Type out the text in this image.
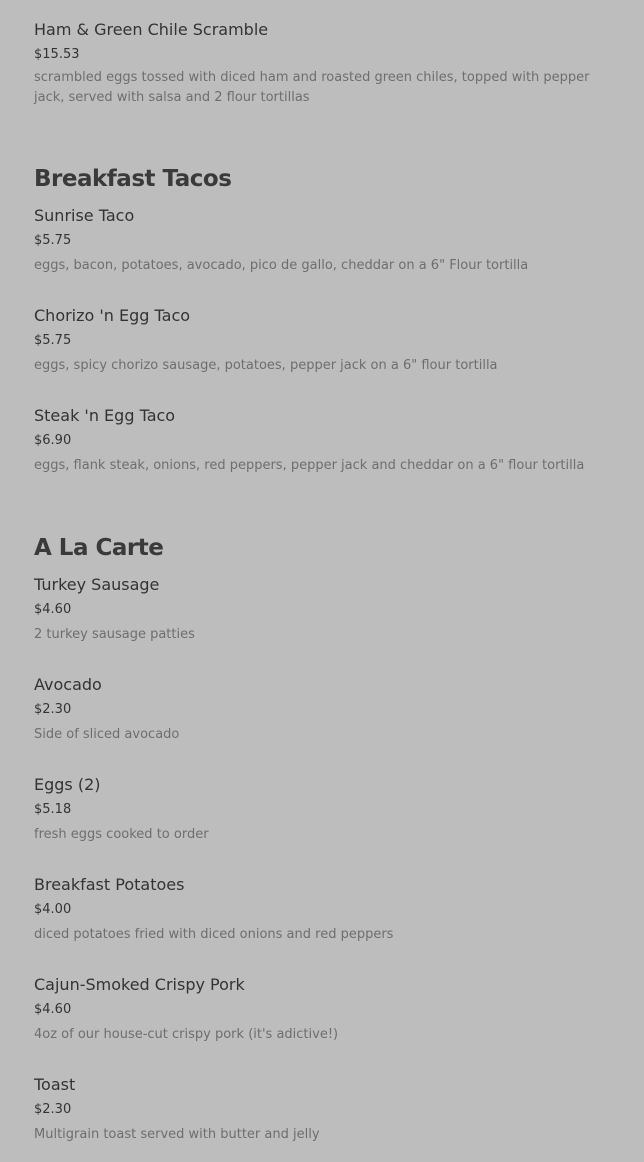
Ham & Green Chile Scramble
$15.53
scrambled eggs tossed with diced ham and roasted green chiles, topped with pepper jack, served with salsa and 2 flour tortillas
Breakfast Tacos
Sunrise Taco
$5.75
eggs, bacon, potatoes, avocado, pico de gallo, cheddar on a 6" Flour tortilla
Chorizo 'n Egg Taco
$5.75
eggs, spicy chorizo sausage, potatoes, pepper jack on a 6" flour tortilla
Steak 'n Egg Taco
$6.90
eggs, flank steak, onions, red peppers, pepper jack and cheddar on a 6" flour tortilla
A La Carte
Turkey Sausage
$4.60
2 turkey sausage patties
Avocado
$2.30
Side of sliced avocado
Eggs (2)
$5.18
fresh eggs cooked to order
Breakfast Potatoes
$4.00
diced potatoes fried with diced onions and red peppers
Cajun-Smoked Crispy Pork
$4.60
4oz of our house-cut crispy pork (it's adictive!)
Toast
$2.30
Multigrain toast served with butter and jelly
